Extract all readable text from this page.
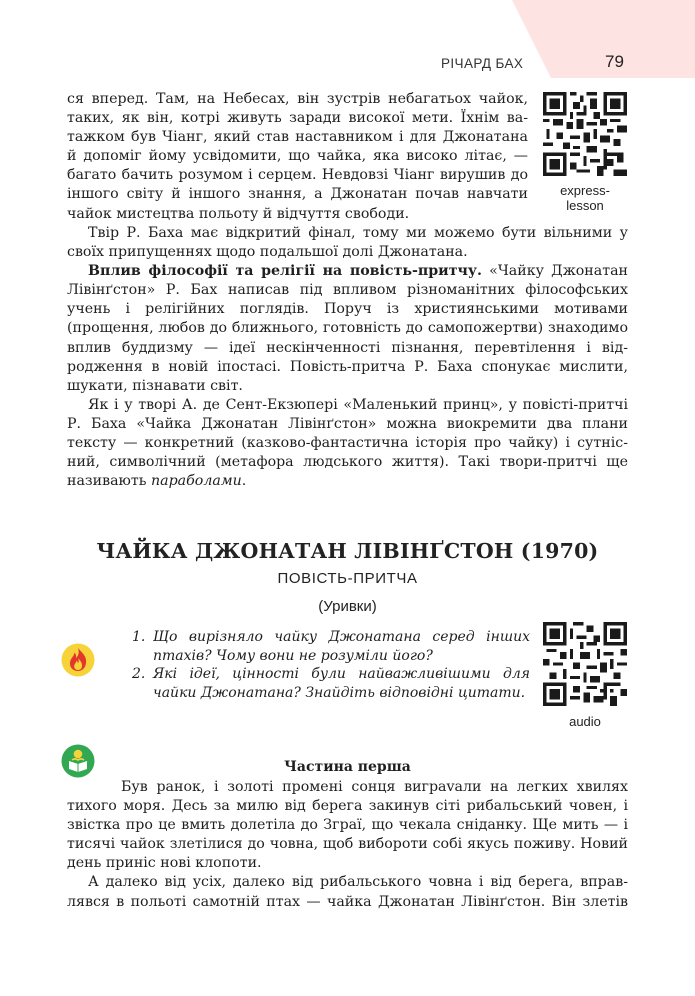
РІЧАРД БАХ	79
ся вперед. Там, на Небесах, він зустрів небагатьох чайок,
таких, як він, котрі живуть заради високої мети. Їхнім ва-
тажком був Чіанг, який став наставником і для Джонатана
й допоміг йому усвідомити, що чайка, яка високо літає, —
багато бачить розумом і серцем. Невдовзі Чіанг вирушив до
іншого світу й іншого знання, а Джонатан почав навчати
чайок мистецтва польоту й відчуття свободи.
express-
lesson

Твір Р. Баха має відкритий фінал, тому ми можемо бути вільними у своїх припущеннях щодо подальшої долі Джонатана.

Вплив філософії та релігії на повість-притчу. «Чайку Джонатан Лівінґстон» Р. Бах написав під впливом різноманітних філософських учень і релігійних поглядів. Поруч із християнськими мотивами (прощення, любов до ближнього, готовність до самопожертви) знаходимо вплив буддизму — ідеї нескінченності пізнання, перевтілення і відродження в новій іпостасі. Повість-притча Р. Баха спонукає мислити, шукати, пізнавати світ.

Як і у творі А. де Сент-Екзюпері «Маленький принц», у повісті-притчі Р. Баха «Чайка Джонатан Лівінґстон» можна виокремити два плани тексту — конкретний (казково-фантастична історія про чайку) і сутнісний, символічний (метафора людського життя). Такі твори-притчі ще називають параболами.

ЧАЙКА ДЖОНАТАН ЛІВІНҐСТОН (1970)
ПОВІСТЬ-ПРИТЧА
(Уривки)
1. Що вирізняло чайку Джонатана серед інших птахів? Чому вони не розуміли його?
2. Які ідеї, цінності були найважливішими для чайки Джонатана? Знайдіть відповідні цитати.
audio
Частина перша

Був ранок, і золоті промені сонця виграvали на легких хвилях тихого моря. Десь за милю від берега закинув сіті рибальський човен, і звістка про це вмить долетіла до Зграї, що чекала сніданку. Ще мить — і тисячі чайок злетілися до човна, щоб вибороти собі якусь поживу. Новий день приніс нові клопоти.

А далеко від усіх, далеко від рибальського човна і від берега, вправ-
лявся в польоті самотній птах — чайка Джонатан Лівінґстон. Він злетів
